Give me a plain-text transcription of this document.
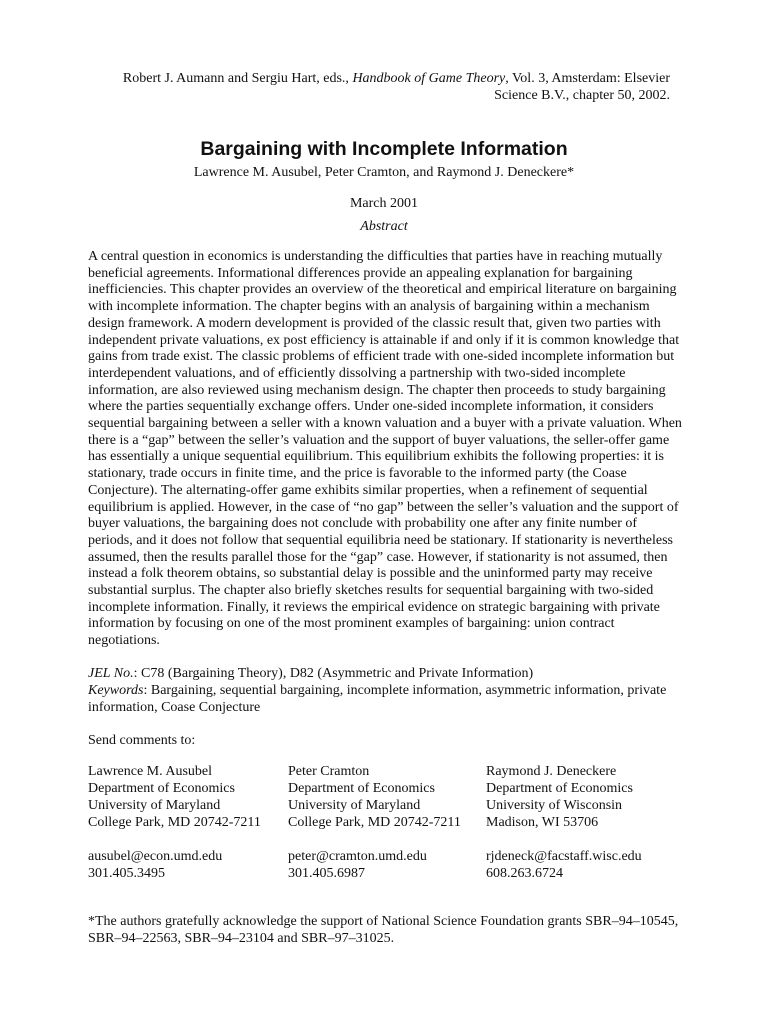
Robert J. Aumann and Sergiu Hart, eds., Handbook of Game Theory, Vol. 3, Amsterdam: Elsevier
Science B.V., chapter 50, 2002.
Bargaining with Incomplete Information
Lawrence M. Ausubel, Peter Cramton, and Raymond J. Deneckere*
March 2001
Abstract

A central question in economics is understanding the difficulties that parties have in reaching mutually beneficial agreements. Informational differences provide an appealing explanation for bargaining inefficiencies. This chapter provides an overview of the theoretical and empirical literature on bargaining with incomplete information. The chapter begins with an analysis of bargaining within a mechanism design framework. A modern development is provided of the classic result that, given two parties with independent private valuations, ex post efficiency is attainable if and only if it is common knowledge that gains from trade exist. The classic problems of efficient trade with one-sided incomplete information but interdependent valuations, and of efficiently dissolving a partnership with two-sided incomplete information, are also reviewed using mechanism design. The chapter then proceeds to study bargaining where the parties sequentially exchange offers. Under one-sided incomplete information, it considers sequential bargaining between a seller with a known valuation and a buyer with a private valuation. When there is a “gap” between the seller’s valuation and the support of buyer valuations, the seller-offer game has essentially a unique sequential equilibrium. This equilibrium exhibits the following properties: it is stationary, trade occurs in finite time, and the price is favorable to the informed party (the Coase Conjecture). The alternating-offer game exhibits similar properties, when a refinement of sequential equilibrium is applied. However, in the case of “no gap” between the seller’s valuation and the support of buyer valuations, the bargaining does not conclude with probability one after any finite number of periods, and it does not follow that sequential equilibria need be stationary. If stationarity is nevertheless assumed, then the results parallel those for the “gap” case. However, if stationarity is not assumed, then instead a folk theorem obtains, so substantial delay is possible and the uninformed party may receive substantial surplus. The chapter also briefly sketches results for sequential bargaining with two-sided incomplete information. Finally, it reviews the empirical evidence on strategic bargaining with private information by focusing on one of the most prominent examples of bargaining: union contract negotiations.

JEL No.: C78 (Bargaining Theory), D82 (Asymmetric and Private Information)
Keywords: Bargaining, sequential bargaining, incomplete information, asymmetric information, private information, Coase Conjecture
Send comments to:
Lawrence M. Ausubel
Department of Economics
University of Maryland
College Park, MD 20742-7211
ausubel@econ.umd.edu
301.405.3495
Peter Cramton
Department of Economics
University of Maryland
College Park, MD 20742-7211
peter@cramton.umd.edu
301.405.6987
Raymond J. Deneckere
Department of Economics
University of Wisconsin
Madison, WI 53706
rjdeneck@facstaff.wisc.edu
608.263.6724
*The authors gratefully acknowledge the support of National Science Foundation grants SBR–94–10545, SBR–94–22563, SBR–94–23104 and SBR–97–31025.
